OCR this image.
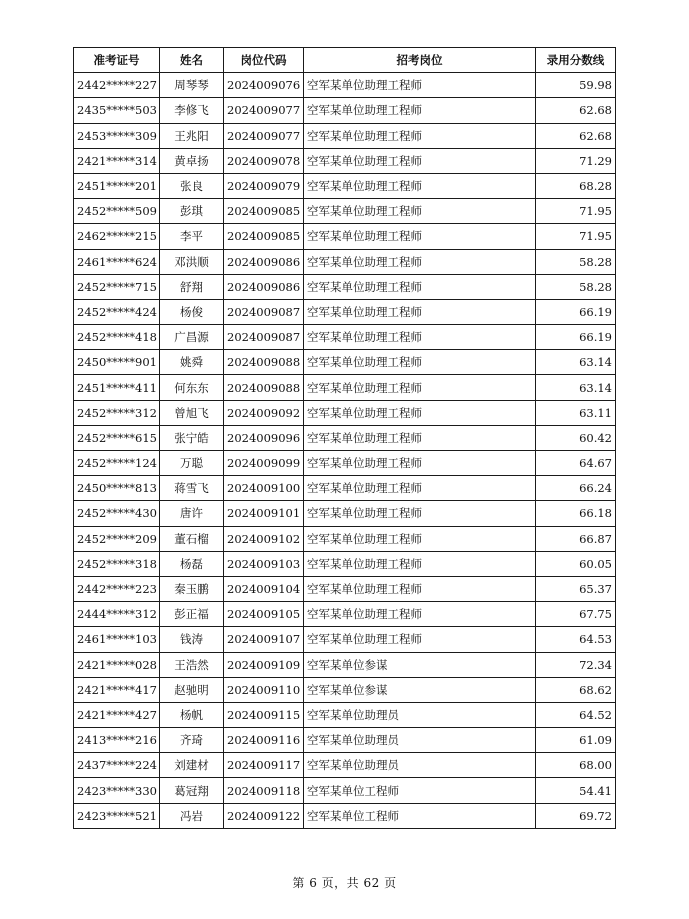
准考证号	姓名	岗位代码	招考岗位	录用分数线
2442*****227	周琴琴	2024009076	空军某单位助理工程师	59.98
2435*****503	李修飞	2024009077	空军某单位助理工程师	62.68
2453*****309	王兆阳	2024009077	空军某单位助理工程师	62.68
2421*****314	黄卓扬	2024009078	空军某单位助理工程师	71.29
2451*****201	张良	2024009079	空军某单位助理工程师	68.28
2452*****509	彭琪	2024009085	空军某单位助理工程师	71.95
2462*****215	李平	2024009085	空军某单位助理工程师	71.95
2461*****624	邓洪顺	2024009086	空军某单位助理工程师	58.28
2452*****715	舒翔	2024009086	空军某单位助理工程师	58.28
2452*****424	杨俊	2024009087	空军某单位助理工程师	66.19
2452*****418	广昌源	2024009087	空军某单位助理工程师	66.19
2450*****901	姚舜	2024009088	空军某单位助理工程师	63.14
2451*****411	何东东	2024009088	空军某单位助理工程师	63.14
2452*****312	曾旭飞	2024009092	空军某单位助理工程师	63.11
2452*****615	张宁皓	2024009096	空军某单位助理工程师	60.42
2452*****124	万聪	2024009099	空军某单位助理工程师	64.67
2450*****813	蒋雪飞	2024009100	空军某单位助理工程师	66.24
2452*****430	唐许	2024009101	空军某单位助理工程师	66.18
2452*****209	董石榴	2024009102	空军某单位助理工程师	66.87
2452*****318	杨磊	2024009103	空军某单位助理工程师	60.05
2442*****223	秦玉鹏	2024009104	空军某单位助理工程师	65.37
2444*****312	彭正福	2024009105	空军某单位助理工程师	67.75
2461*****103	钱涛	2024009107	空军某单位助理工程师	64.53
2421*****028	王浩然	2024009109	空军某单位参谋	72.34
2421*****417	赵驰明	2024009110	空军某单位参谋	68.62
2421*****427	杨帆	2024009115	空军某单位助理员	64.52
2413*****216	齐琦	2024009116	空军某单位助理员	61.09
2437*****224	刘建材	2024009117	空军某单位助理员	68.00
2423*****330	葛冠翔	2024009118	空军某单位工程师	54.41
2423*****521	冯岩	2024009122	空军某单位工程师	69.72
第 6 页，共 62 页
